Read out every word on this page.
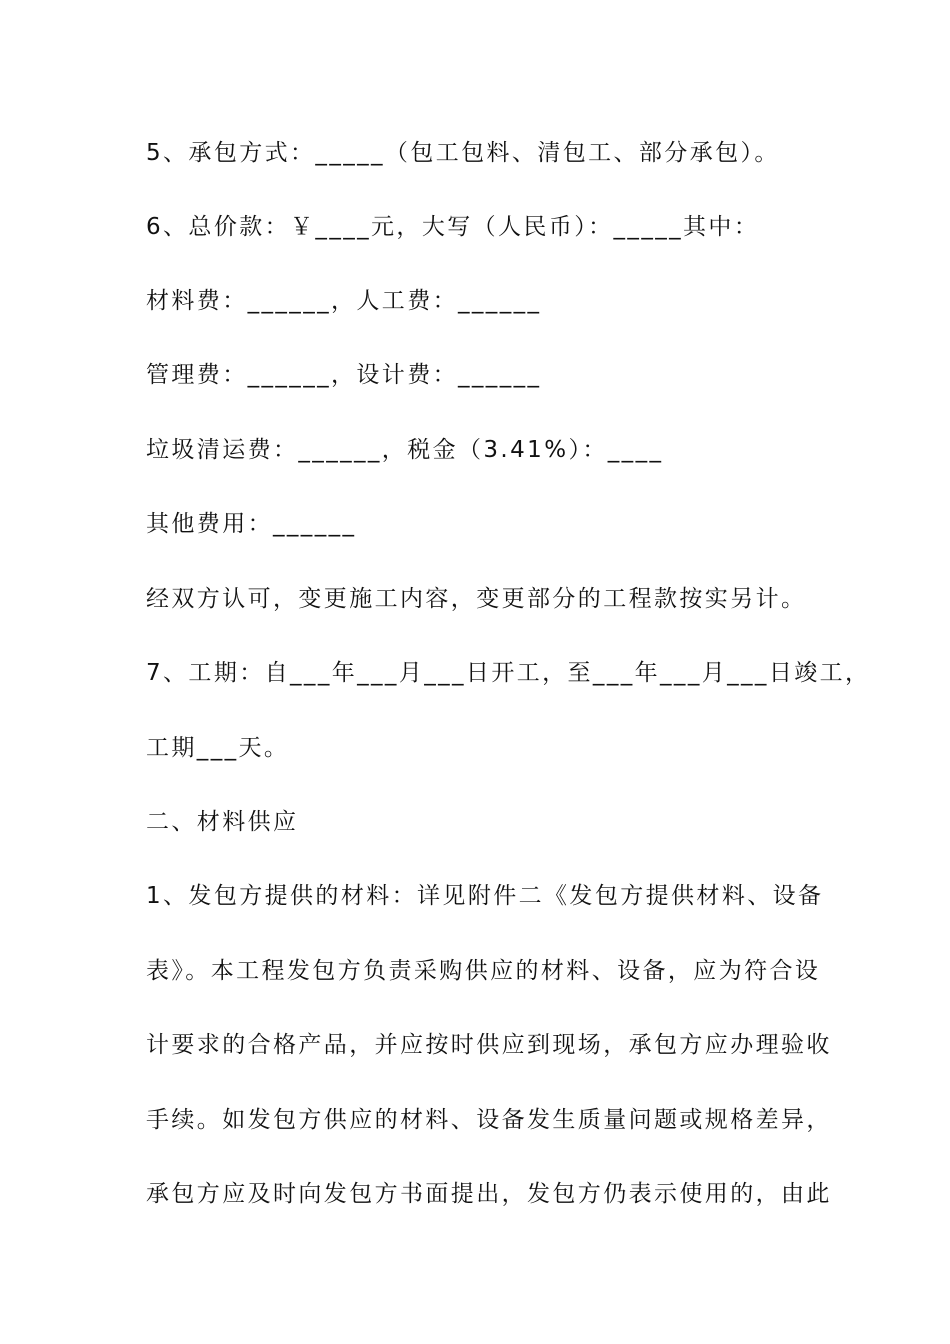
5、承包方式：_____（包工包料、清包工、部分承包）。
6、总价款：￥____元，大写（人民币）：_____其中：
材料费：______，人工费：______
管理费：______，设计费：______
垃圾清运费：______，税金（3.41%）：____
其他费用：______
经双方认可，变更施工内容，变更部分的工程款按实另计。
7、工期：自___年___月___日开工，至___年___月___日竣工，
工期___天。
二、材料供应
1、发包方提供的材料：详见附件二《发包方提供材料、设备
表》。本工程发包方负责采购供应的材料、设备，应为符合设
计要求的合格产品，并应按时供应到现场，承包方应办理验收
手续。如发包方供应的材料、设备发生质量问题或规格差异，
承包方应及时向发包方书面提出，发包方仍表示使用的，由此
